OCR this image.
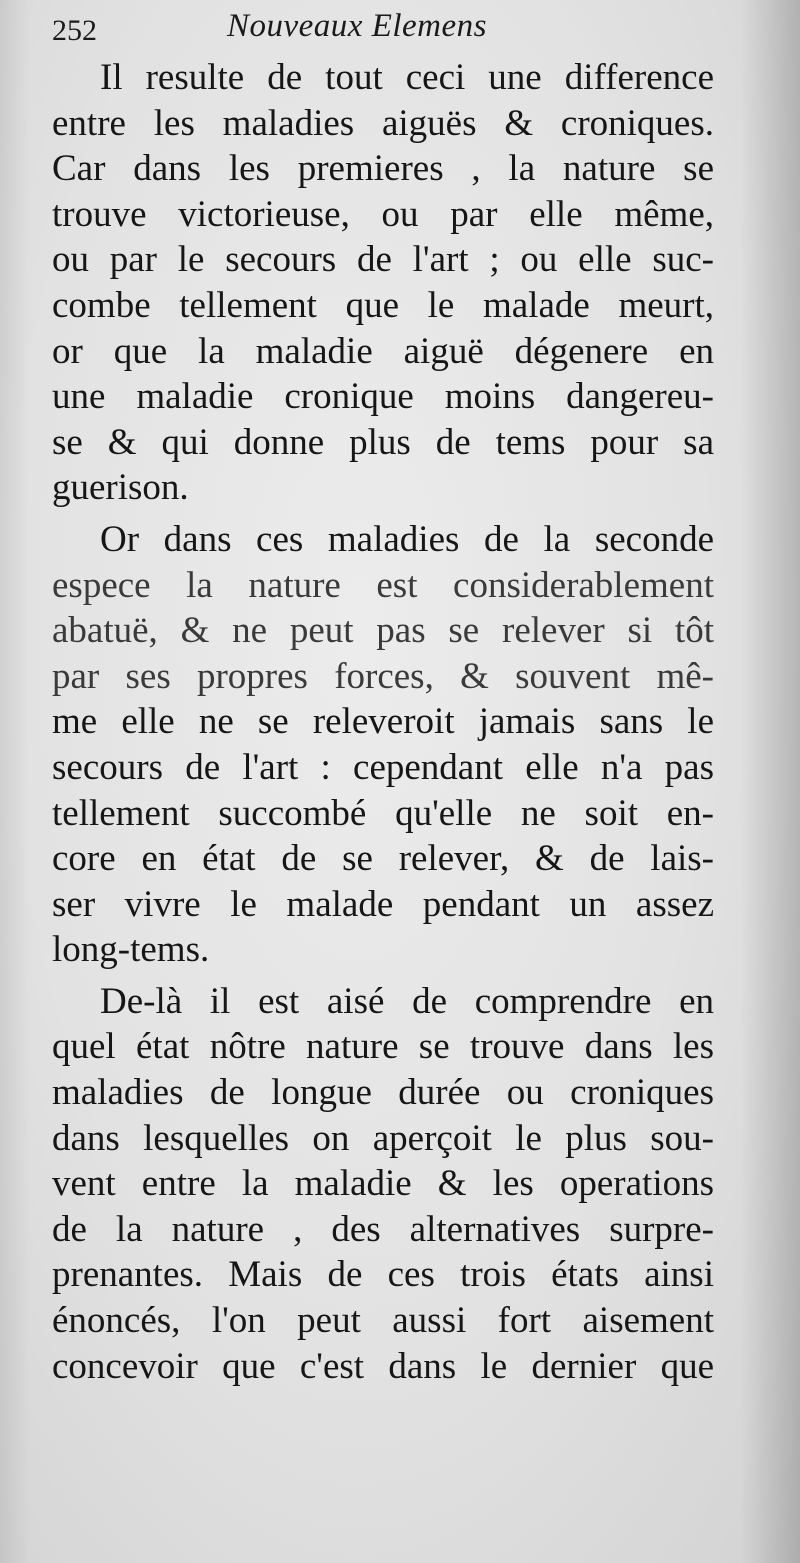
252	Nouveaux Elemens
Il resulte de tout ceci une difference
entre les maladies aiguës & croniques.
Car dans les premieres , la nature se
trouve victorieuse, ou par elle même,
ou par le secours de l'art ; ou elle suc-
combe tellement que le malade meurt,
or que la maladie aiguë dégenere en
une maladie cronique moins dangereu-
se & qui donne plus de tems pour sa
guerison.
Or dans ces maladies de la seconde
espece la nature est considerablement
abatuë, & ne peut pas se relever si tôt
par ses propres forces, & souvent mê-
me elle ne se releveroit jamais sans le
secours de l'art : cependant elle n'a pas
tellement succombé qu'elle ne soit en-
core en état de se relever, & de lais-
ser vivre le malade pendant un assez
long-tems.
De-là il est aisé de comprendre en
quel état nôtre nature se trouve dans les
maladies de longue durée ou croniques
dans lesquelles on aperçoit le plus sou-
vent entre la maladie & les operations
de la nature , des alternatives surpre-
prenantes. Mais de ces trois états ainsi
énoncés, l'on peut aussi fort aisement
concevoir que c'est dans le dernier que
